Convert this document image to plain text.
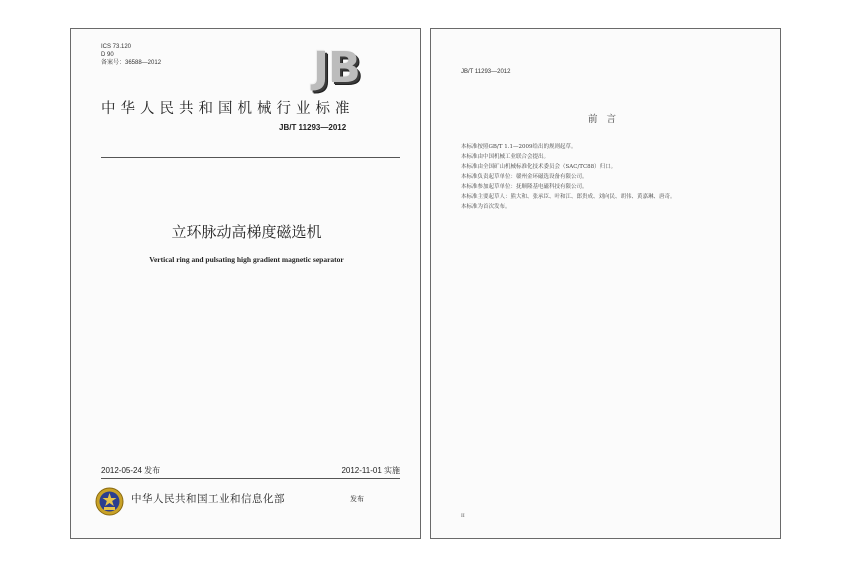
ICS 73.120
D 90
备案号：36588—2012	JB
中华人民共和国机械行业标准
JB/T 11293—2012
立环脉动高梯度磁选机
Vertical ring and pulsating high gradient magnetic separator
2012-05-24 发布	2012-11-01 实施
中华人民共和国工业和信息化部	发布
JB/T 11293—2012
前言
本标准按照GB/T 1.1—2009给出的规则起草。
本标准由中国机械工业联合会提出。
本标准由全国矿山机械标准化技术委员会（SAC/TC88）归口。
本标准负责起草单位：赣州金环磁选设备有限公司。
本标准参加起草单位：抚顺隆基电磁科技有限公司。
本标准主要起草人：熊大和、张承臣、叶和江、郎贵成、刘向民、胡伟、黄嘉琳、唐奇。
本标准为首次发布。
II
